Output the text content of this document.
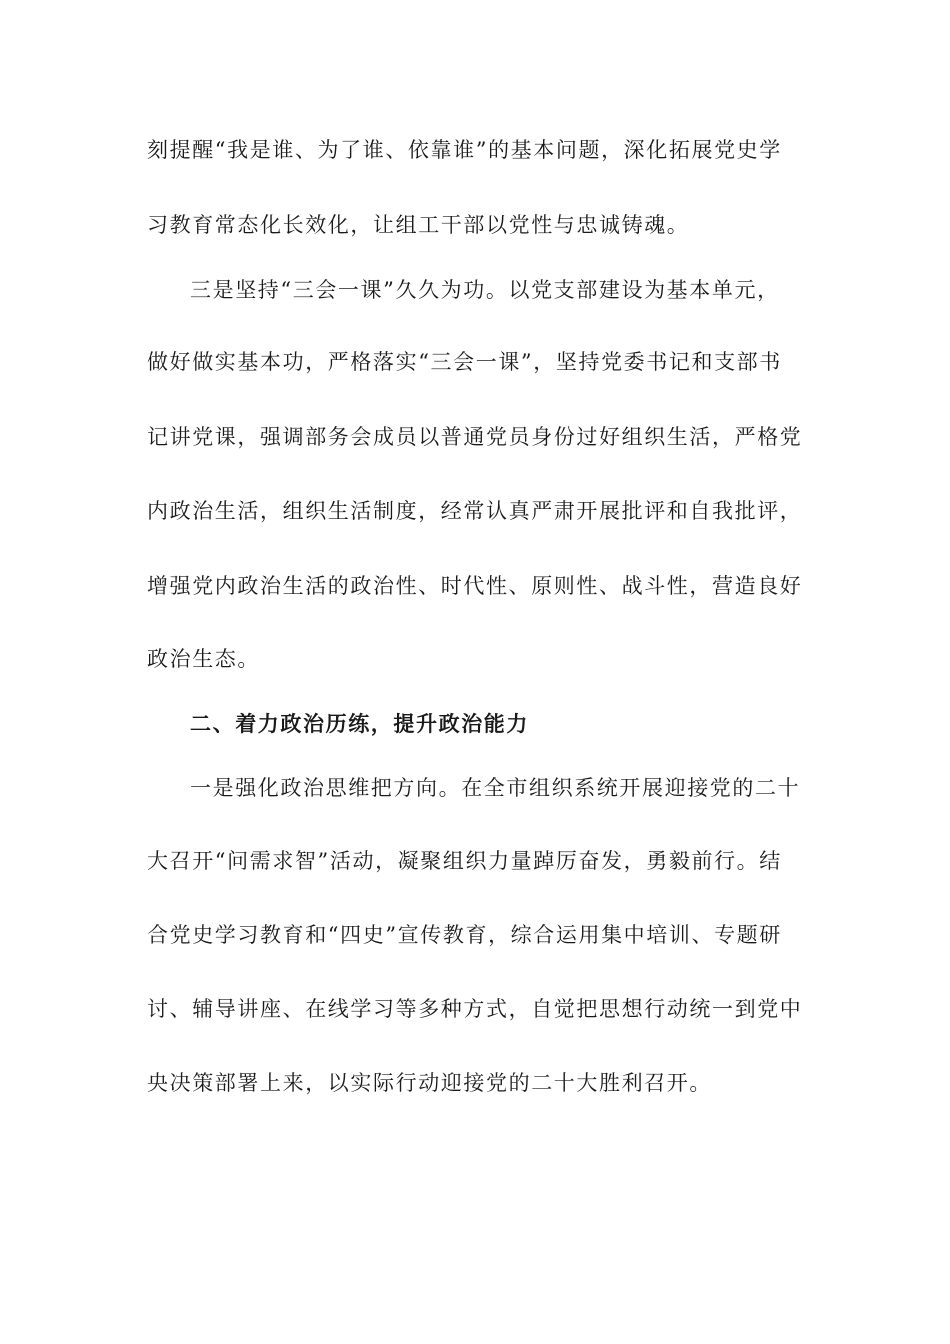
刻提醒“我是谁、为了谁、依靠谁”的基本问题，深化拓展党史学
习教育常态化长效化，让组工干部以党性与忠诚铸魂。
三是坚持“三会一课”久久为功。以党支部建设为基本单元，
做好做实基本功，严格落实“三会一课”，坚持党委书记和支部书
记讲党课，强调部务会成员以普通党员身份过好组织生活，严格党
内政治生活，组织生活制度，经常认真严肃开展批评和自我批评，
增强党内政治生活的政治性、时代性、原则性、战斗性，营造良好
政治生态。
二、着力政治历练，提升政治能力
一是强化政治思维把方向。在全市组织系统开展迎接党的二十
大召开“问需求智”活动，凝聚组织力量踔厉奋发，勇毅前行。结
合党史学习教育和“四史”宣传教育，综合运用集中培训、专题研
讨、辅导讲座、在线学习等多种方式，自觉把思想行动统一到党中
央决策部署上来，以实际行动迎接党的二十大胜利召开。
